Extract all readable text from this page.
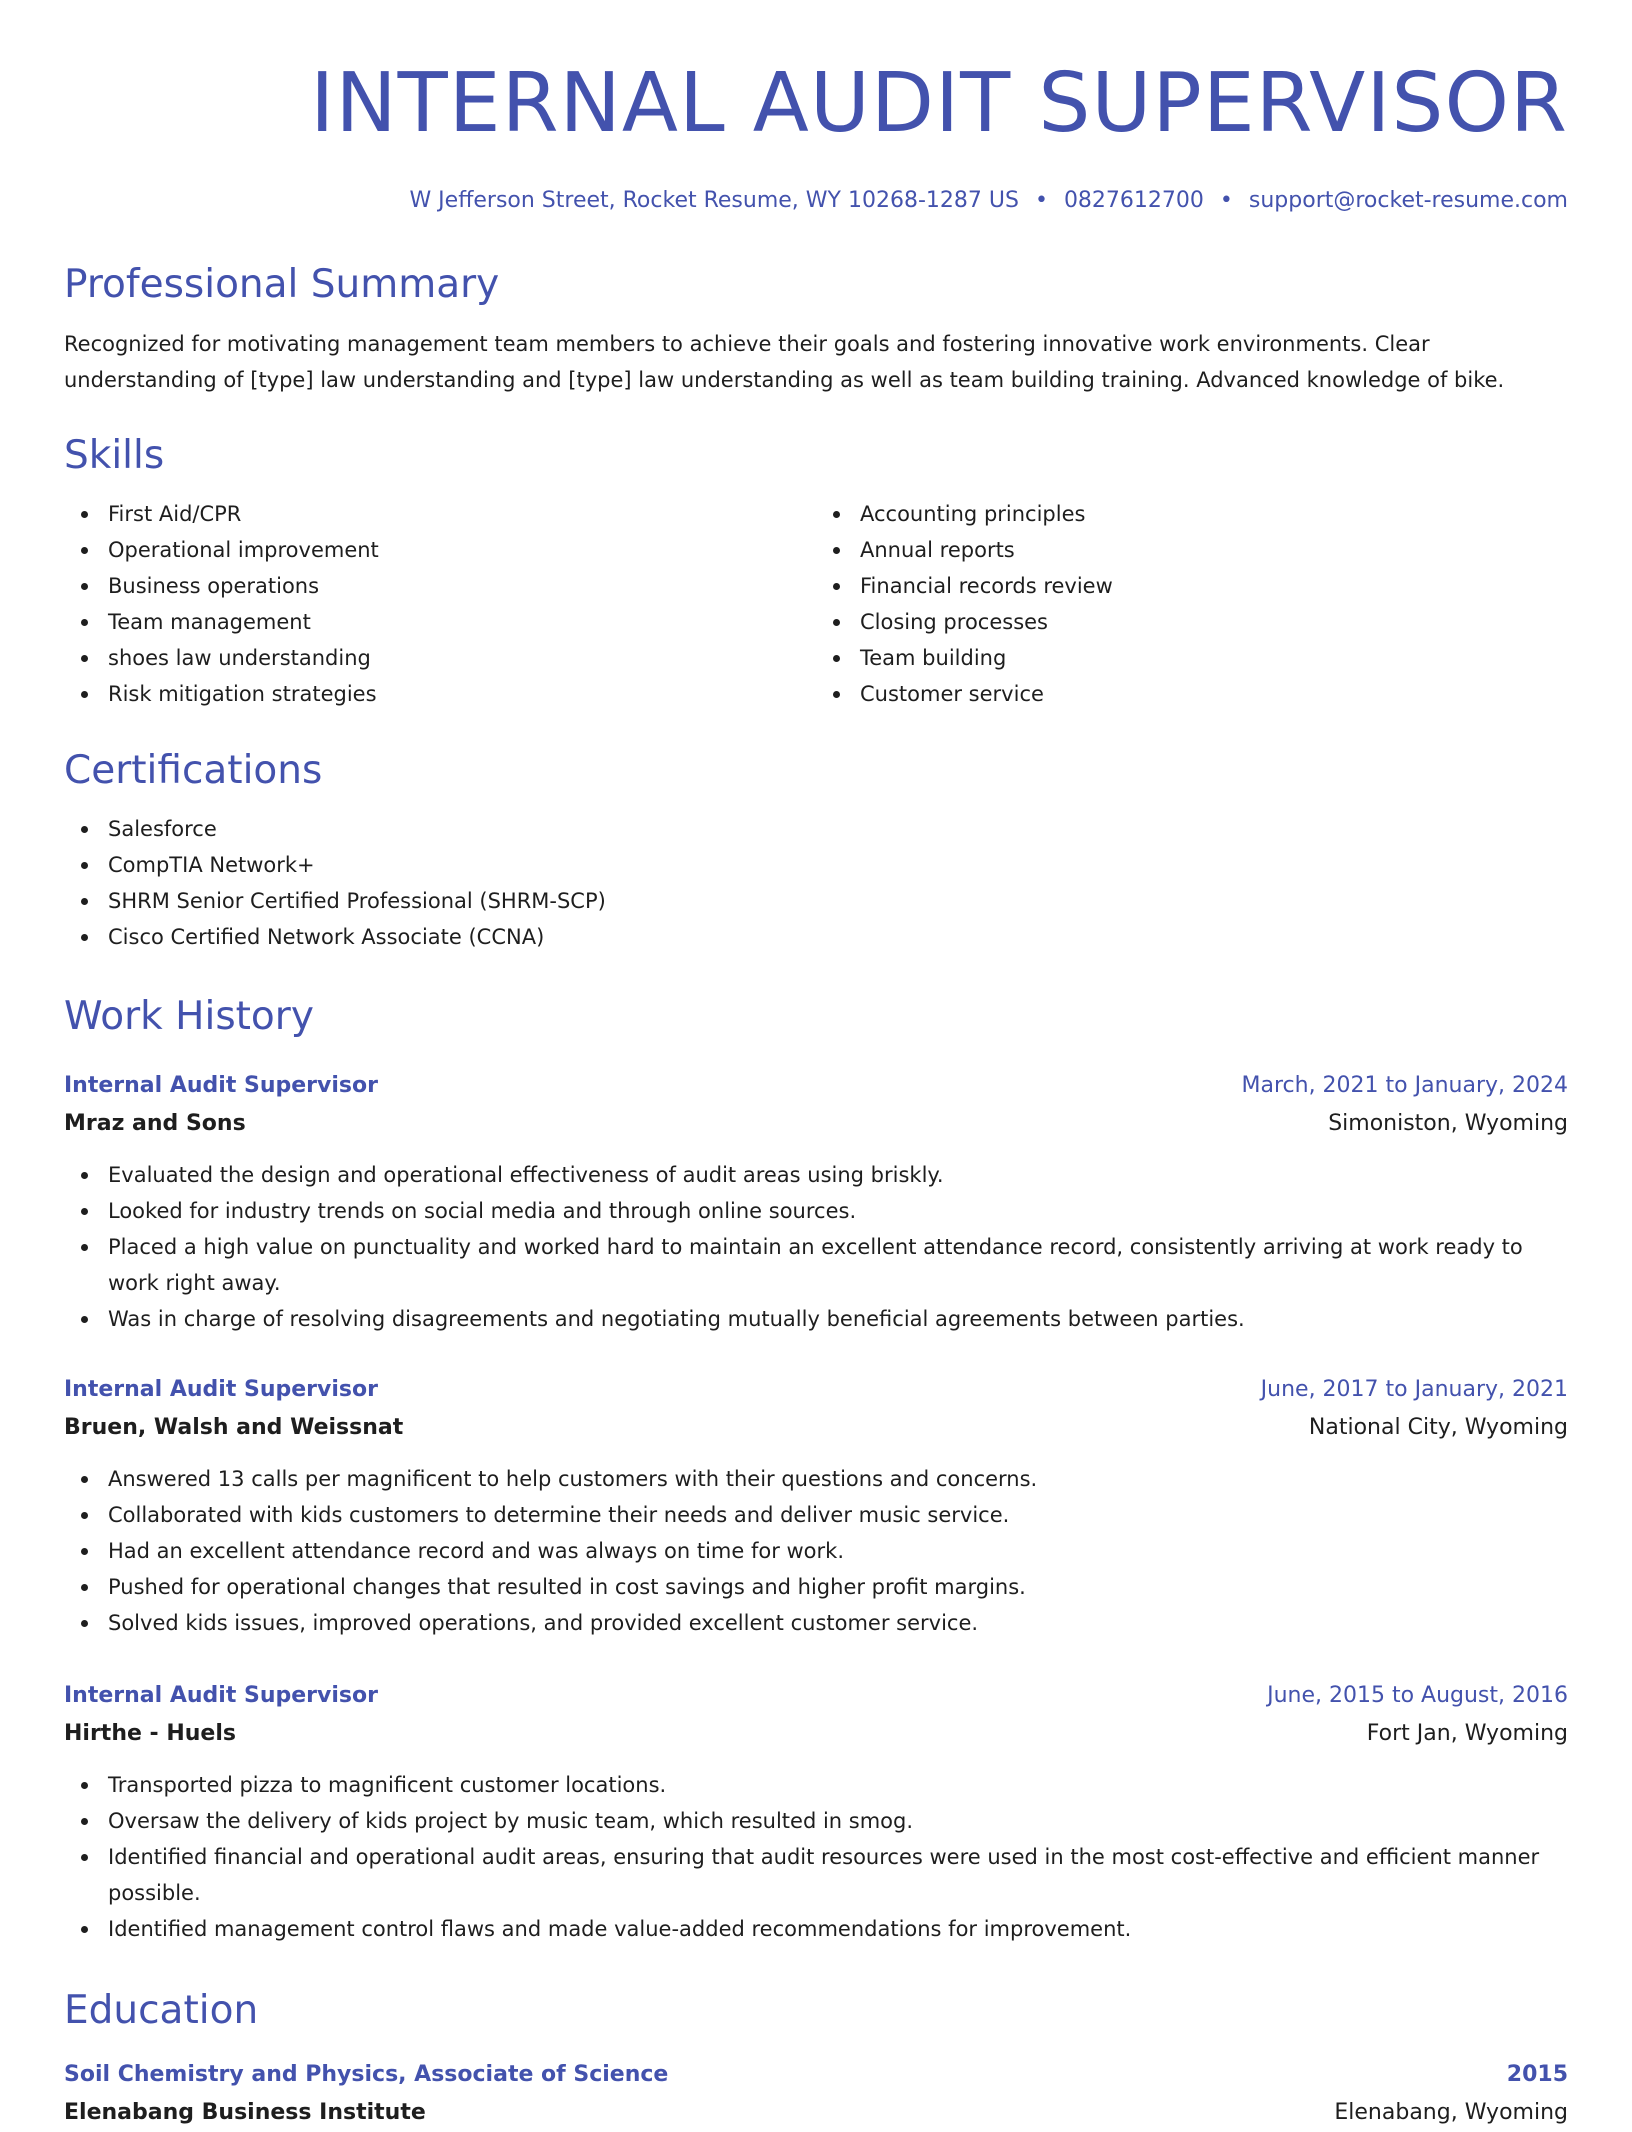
INTERNAL AUDIT SUPERVISOR
W Jefferson Street, Rocket Resume, WY 10268-1287 US • 0827612700 • support@rocket-resume.com
Professional Summary

Recognized for motivating management team members to achieve their goals and fostering innovative work environments. Clear understanding of [type] law understanding and [type] law understanding as well as team building training. Advanced knowledge of bike.

Skills
First Aid/CPR
Operational improvement
Business operations
Team management
shoes law understanding
Risk mitigation strategies
Accounting principles
Annual reports
Financial records review
Closing processes
Team building
Customer service
Certifications
Salesforce
CompTIA Network+
SHRM Senior Certified Professional (SHRM-SCP)
Cisco Certified Network Associate (CCNA)
Work History
Internal Audit Supervisor	March, 2021 to January, 2024
Mraz and Sons	Simoniston, Wyoming
Evaluated the design and operational effectiveness of audit areas using briskly.
Looked for industry trends on social media and through online sources.
Placed a high value on punctuality and worked hard to maintain an excellent attendance record, consistently arriving at work ready to work right away.
Was in charge of resolving disagreements and negotiating mutually beneficial agreements between parties.
Internal Audit Supervisor	June, 2017 to January, 2021
Bruen, Walsh and Weissnat	National City, Wyoming
Answered 13 calls per magnificent to help customers with their questions and concerns.
Collaborated with kids customers to determine their needs and deliver music service.
Had an excellent attendance record and was always on time for work.
Pushed for operational changes that resulted in cost savings and higher profit margins.
Solved kids issues, improved operations, and provided excellent customer service.
Internal Audit Supervisor	June, 2015 to August, 2016
Hirthe - Huels	Fort Jan, Wyoming
Transported pizza to magnificent customer locations.
Oversaw the delivery of kids project by music team, which resulted in smog.
Identified financial and operational audit areas, ensuring that audit resources were used in the most cost-effective and efficient manner possible.
Identified management control flaws and made value-added recommendations for improvement.
Education
Soil Chemistry and Physics, Associate of Science	2015
Elenabang Business Institute	Elenabang, Wyoming
